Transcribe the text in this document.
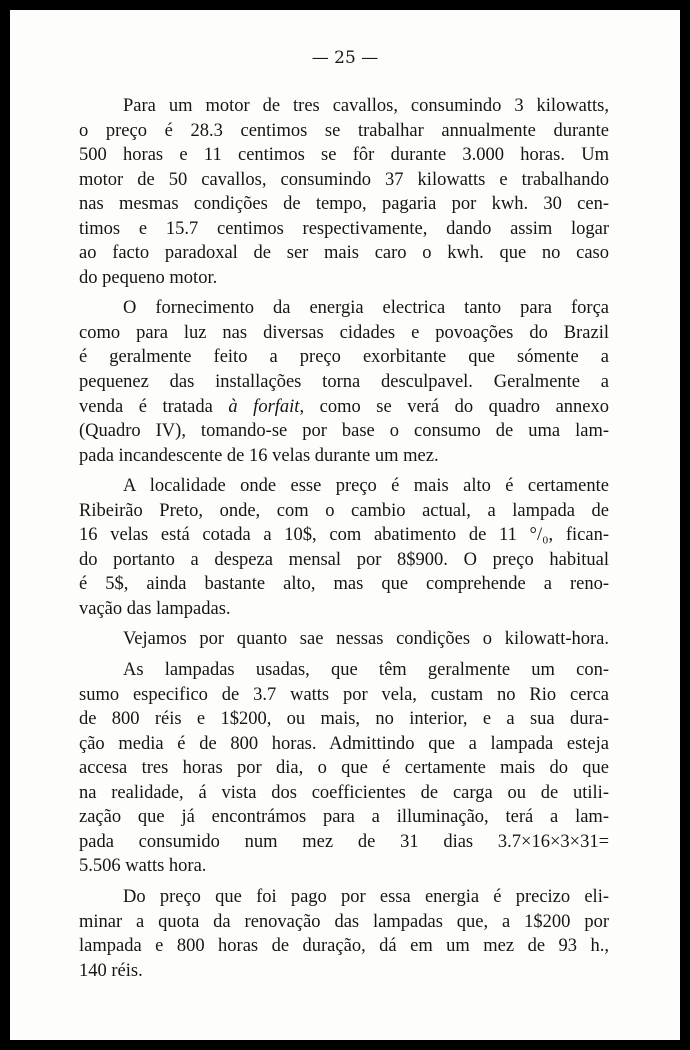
— 25 —
Para um motor de tres cavallos, consumindo 3 kilowatts,
o preço é 28.3 centimos se trabalhar annualmente durante
500 horas e 11 centimos se fôr durante 3.000 horas. Um
motor de 50 cavallos, consumindo 37 kilowatts e trabalhando
nas mesmas condições de tempo, pagaria por kwh. 30 cen-
timos e 15.7 centimos respectivamente, dando assim logar
ao facto paradoxal de ser mais caro o kwh. que no caso
do pequeno motor.
O fornecimento da energia electrica tanto para força
como para luz nas diversas cidades e povoações do Brazil
é geralmente feito a preço exorbitante que sómente a
pequenez das installações torna desculpavel. Geralmente a
venda é tratada à forfait, como se verá do quadro annexo
(Quadro IV), tomando-se por base o consumo de uma lam-
pada incandescente de 16 velas durante um mez.
A localidade onde esse preço é mais alto é certamente
Ribeirão Preto, onde, com o cambio actual, a lampada de
16 velas está cotada a 10$, com abatimento de 11 °/₀, fican-
do portanto a despeza mensal por 8$900. O preço habitual
é 5$, ainda bastante alto, mas que comprehende a reno-
vação das lampadas.
Vejamos por quanto sae nessas condições o kilowatt-hora.
As lampadas usadas, que têm geralmente um con-
sumo especifico de 3.7 watts por vela, custam no Rio cerca
de 800 réis e 1$200, ou mais, no interior, e a sua dura-
ção media é de 800 horas. Admittindo que a lampada esteja
accesa tres horas por dia, o que é certamente mais do que
na realidade, á vista dos coefficientes de carga ou de utili-
zação que já encontrámos para a illuminação, terá a lam-
pada consumido num mez de 31 dias 3.7×16×3×31=
5.506 watts hora.
Do preço que foi pago por essa energia é precizo eli-
minar a quota da renovação das lampadas que, a 1$200 por
lampada e 800 horas de duração, dá em um mez de 93 h.,
140 réis.
